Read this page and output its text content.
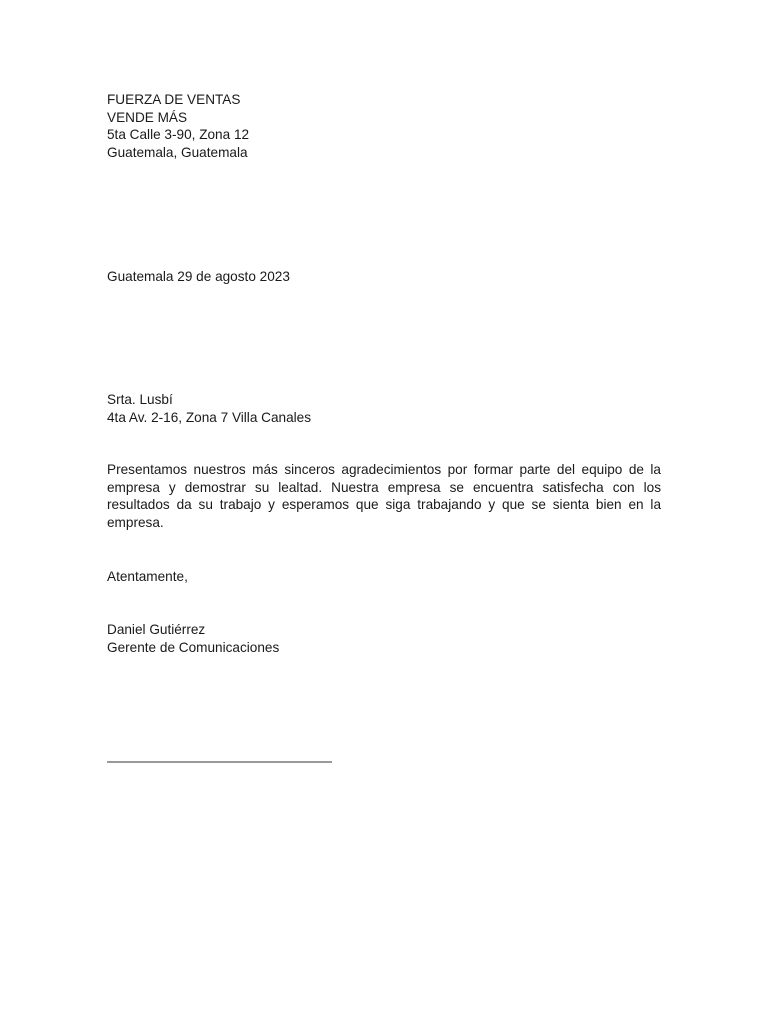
FUERZA DE VENTAS
VENDE MÁS
5ta Calle 3-90, Zona 12
Guatemala, Guatemala
Guatemala 29 de agosto 2023
Srta. Lusbí
4ta Av. 2-16, Zona 7 Villa Canales

Presentamos nuestros más sinceros agradecimientos por formar parte del equipo de la empresa y demostrar su lealtad. Nuestra empresa se encuentra satisfecha con los resultados da su trabajo y esperamos que siga trabajando y que se sienta bien en la empresa.

Atentamente,
Daniel Gutiérrez
Gerente de Comunicaciones
